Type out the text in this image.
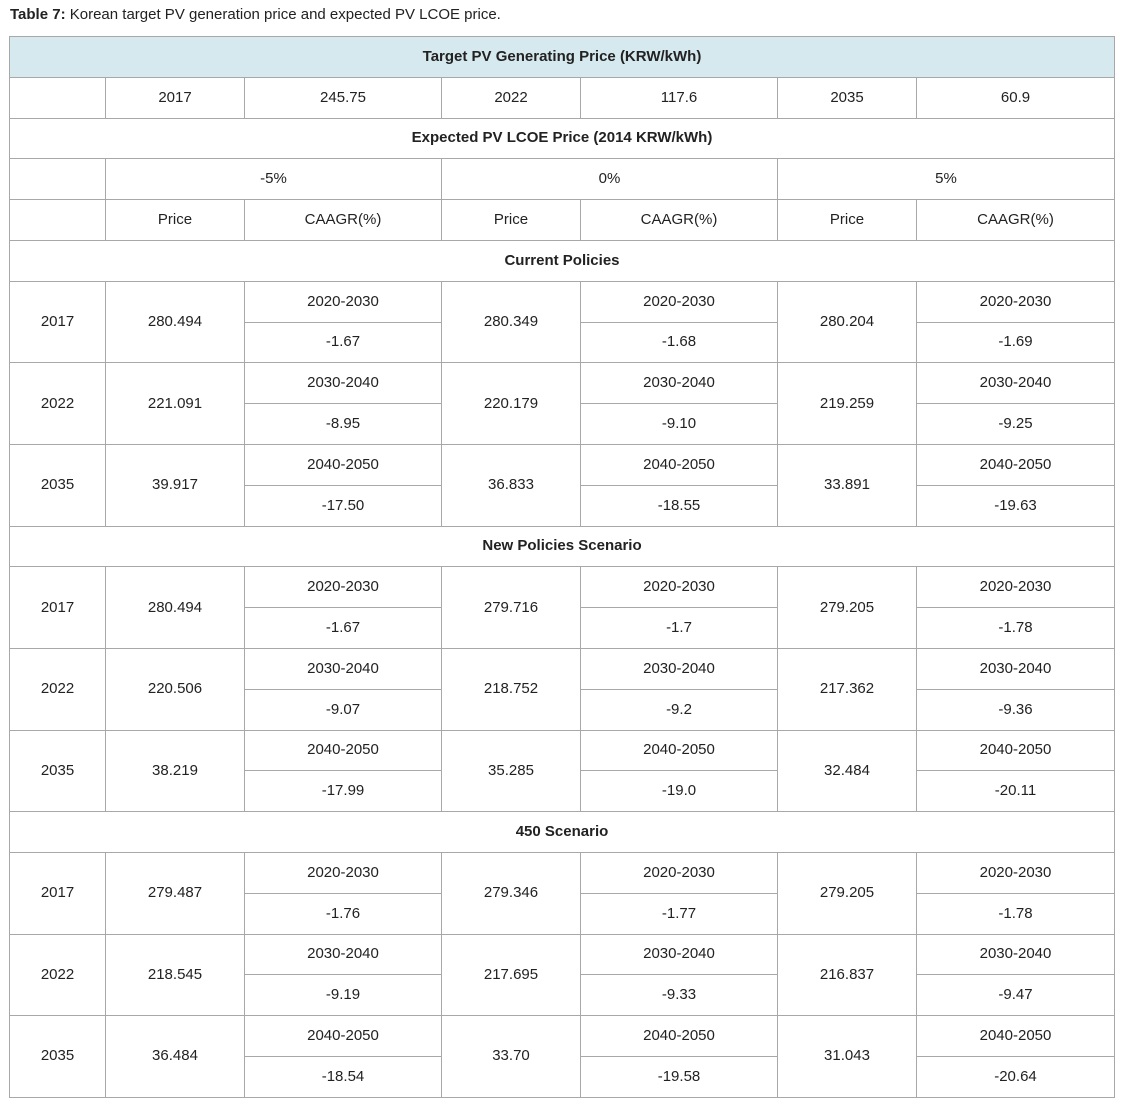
Table 7: Korean target PV generation price and expected PV LCOE price.
Target PV Generating Price (KRW/kWh)						
	2017	245.75	2022	117.6	2035	60.9
Expected PV LCOE Price (2014 KRW/kWh)						
	-5%		0%		5%	
	Price	CAAGR(%)	Price	CAAGR(%)	Price	CAAGR(%)
Current Policies						
2017	280.494	2020-2030	280.349	2020-2030	280.204	2020-2030
		-1.67		-1.68		-1.69
2022	221.091	2030-2040	220.179	2030-2040	219.259	2030-2040
		-8.95		-9.10		-9.25
2035	39.917	2040-2050	36.833	2040-2050	33.891	2040-2050
		-17.50		-18.55		-19.63
New Policies Scenario						
2017	280.494	2020-2030	279.716	2020-2030	279.205	2020-2030
		-1.67		-1.7		-1.78
2022	220.506	2030-2040	218.752	2030-2040	217.362	2030-2040
		-9.07		-9.2		-9.36
2035	38.219	2040-2050	35.285	2040-2050	32.484	2040-2050
		-17.99		-19.0		-20.11
450 Scenario						
2017	279.487	2020-2030	279.346	2020-2030	279.205	2020-2030
		-1.76		-1.77		-1.78
2022	218.545	2030-2040	217.695	2030-2040	216.837	2030-2040
		-9.19		-9.33		-9.47
2035	36.484	2040-2050	33.70	2040-2050	31.043	2040-2050
		-18.54		-19.58		-20.64
